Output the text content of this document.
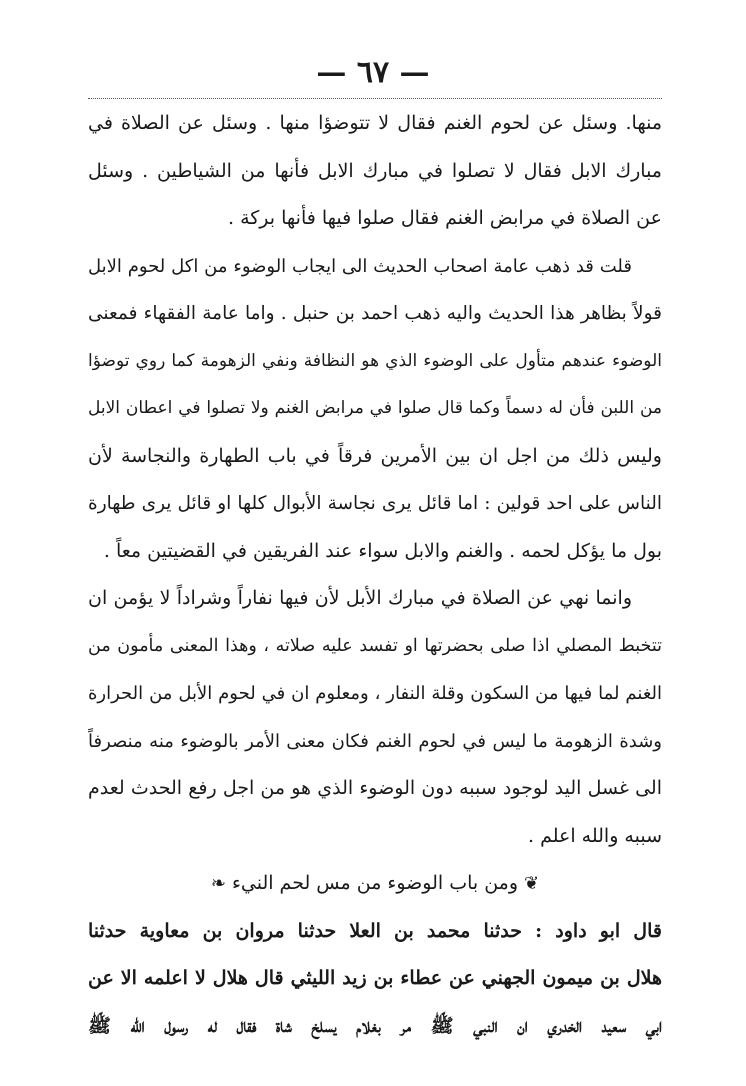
— ٦٧ —
منها. وسئل عن لحوم الغنم فقال لا تتوضؤا منها . وسئل عن الصلاة في
مبارك الابل فقال لا تصلوا في مبارك الابل فأنها من الشياطين . وسئل
عن الصلاة في مرابض الغنم فقال صلوا فيها فأنها بركة .
قلت قد ذهب عامة اصحاب الحديث الى ايجاب الوضوء من اكل لحوم الابل
قولاً بظاهر هذا الحديث واليه ذهب احمد بن حنبل . واما عامة الفقهاء فمعنى
الوضوء عندهم متأول على الوضوء الذي هو النظافة ونفي الزهومة كما روي توضؤا
من اللبن فأن له دسماً وكما قال صلوا في مرابض الغنم ولا تصلوا في اعطان الابل
وليس ذلك من اجل ان بين الأمرين فرقاً في باب الطهارة والنجاسة لأن
الناس على احد قولين : اما قائل يرى نجاسة الأبوال كلها او قائل يرى طهارة
بول ما يؤكل لحمه . والغنم والابل سواء عند الفريقين في القضيتين معاً .
وانما نهي عن الصلاة في مبارك الأبل لأن فيها نفاراً وشراداً لا يؤمن ان
تتخبط المصلي اذا صلى بحضرتها او تفسد عليه صلاته ، وهذا المعنى مأمون من
الغنم لما فيها من السكون وقلة النفار ، ومعلوم ان في لحوم الأبل من الحرارة
وشدة الزهومة ما ليس في لحوم الغنم فكان معنى الأمر بالوضوء منه منصرفاً
الى غسل اليد لوجود سببه دون الوضوء الذي هو من اجل رفع الحدث لعدم
سببه والله اعلم .
❦ومن باب الوضوء من مس لحم النيء❧
قال ابو داود : حدثنا محمد بن العلا حدثنا مروان بن معاوية حدثنا
هلال بن ميمون الجهني عن عطاء بن زيد الليثي قال هلال لا اعلمه الا عن
ابي سعيد الخدري ان النبي ﷺ مر بغلام يسلخ شاة فقال له رسول الله ﷺ
